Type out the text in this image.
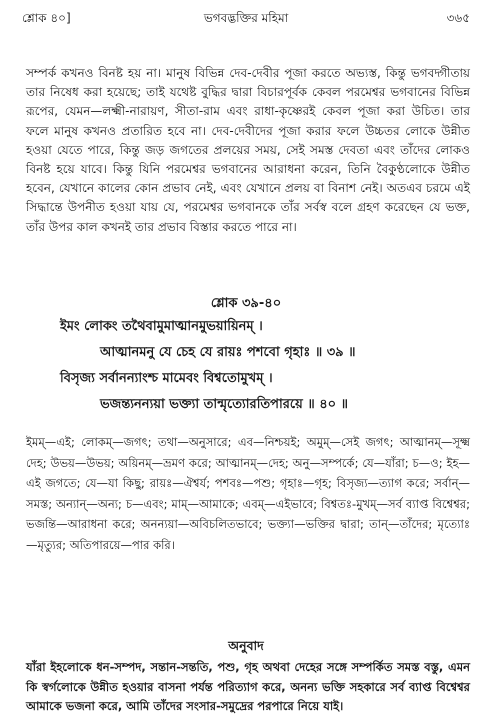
শ্লোক ৪০]	ভগবদ্ভক্তির মহিমা	৩৬৫

সম্পর্ক কখনও বিনষ্ট হয় না। মানুষ বিভিন্ন দেব-দেবীর পূজা করতে অভ্যস্ত, কিন্তু ভগবদ্গীতায় তার নিষেধ করা হয়েছে; তাই যথেষ্ট বুদ্ধির দ্বারা বিচারপূর্বক কেবল পরমেশ্বর ভগবানের বিভিন্ন রূপের, যেমন—লক্ষ্মী-নারায়ণ, সীতা-রাম এবং রাধা-কৃষ্ণেরই কেবল পূজা করা উচিত। তার ফলে মানুষ কখনও প্রতারিত হবে না। দেব-দেবীদের পূজা করার ফলে উচ্চতর লোকে উন্নীত হওয়া যেতে পারে, কিন্তু জড় জগতের প্রলয়ের সময়, সেই সমস্ত দেবতা এবং তাঁদের লোকও বিনষ্ট হয়ে যাবে। কিন্তু যিনি পরমেশ্বর ভগবানের আরাধনা করেন, তিনি বৈকুণ্ঠলোকে উন্নীত হবেন, যেখানে কালের কোন প্রভাব নেই, এবং যেখানে প্রলয় বা বিনাশ নেই। অতএব চরমে এই সিদ্ধান্তে উপনীত হওয়া যায় যে, পরমেশ্বর ভগবানকে তাঁর সর্বস্ব বলে গ্রহণ করেছেন যে ভক্ত, তাঁর উপর কাল কখনই তার প্রভাব বিস্তার করতে পারে না।

শ্লোক ৩৯-৪০
ইমং লোকং তথৈবামুমাত্মানমুভয়ায়িনম্ ।
আত্মানমনু যে চেহ যে রায়ঃ পশবো গৃহাঃ ॥ ৩৯ ॥
বিসৃজ্য সর্বানন্যাংশ্চ মামেবং বিশ্বতোমুখম্ ।
ভজন্ত্যনন্যয়া ভক্ত্যা তান্মৃত্যোরতিপারয়ে ॥ ৪০ ॥

ইমম্—এই; লোকম্—জগৎ; তথা—অনুসারে; এব—নিশ্চয়ই; অমুম্—সেই জগৎ; আত্মানম্—সূক্ষ্ম দেহ; উভয়—উভয়; অয়িনম্—ভ্রমণ করে; আত্মানম্—দেহ; অনু—সম্পর্কে; যে—যাঁরা; চ—ও; ইহ—এই জগতে; যে—যা কিছু; রায়ঃ—ঐশ্বর্য; পশবঃ—পশু; গৃহাঃ—গৃহ; বিসৃজ্য—ত্যাগ করে; সর্বান্—সমস্ত; অন্যান্—অন্য; চ—এবং; মাম্—আমাকে; এবম্—এইভাবে; বিশ্বতঃ-মুখম্—সর্ব ব্যাপ্ত বিশ্বেশ্বর; ভজন্তি—আরাধনা করে; অনন্যয়া—অবিচলিতভাবে; ভক্ত্যা—ভক্তির দ্বারা; তান্—তাঁদের; মৃত্যোঃ—মৃত্যুর; অতিপারয়ে—পার করি।

অনুবাদ

যাঁরা ইহলোকে ধন-সম্পদ, সন্তান-সন্ততি, পশু, গৃহ অথবা দেহের সঙ্গে সম্পর্কিত সমস্ত বস্তু, এমন কি স্বর্গলোকে উন্নীত হওয়ার বাসনা পর্যন্ত পরিত্যাগ করে, অনন্য ভক্তি সহকারে সর্ব ব্যাপ্ত বিশ্বেশ্বর আমাকে ভজনা করে, আমি তাঁদের সংসার-সমুদ্রের পরপারে নিয়ে যাই।
